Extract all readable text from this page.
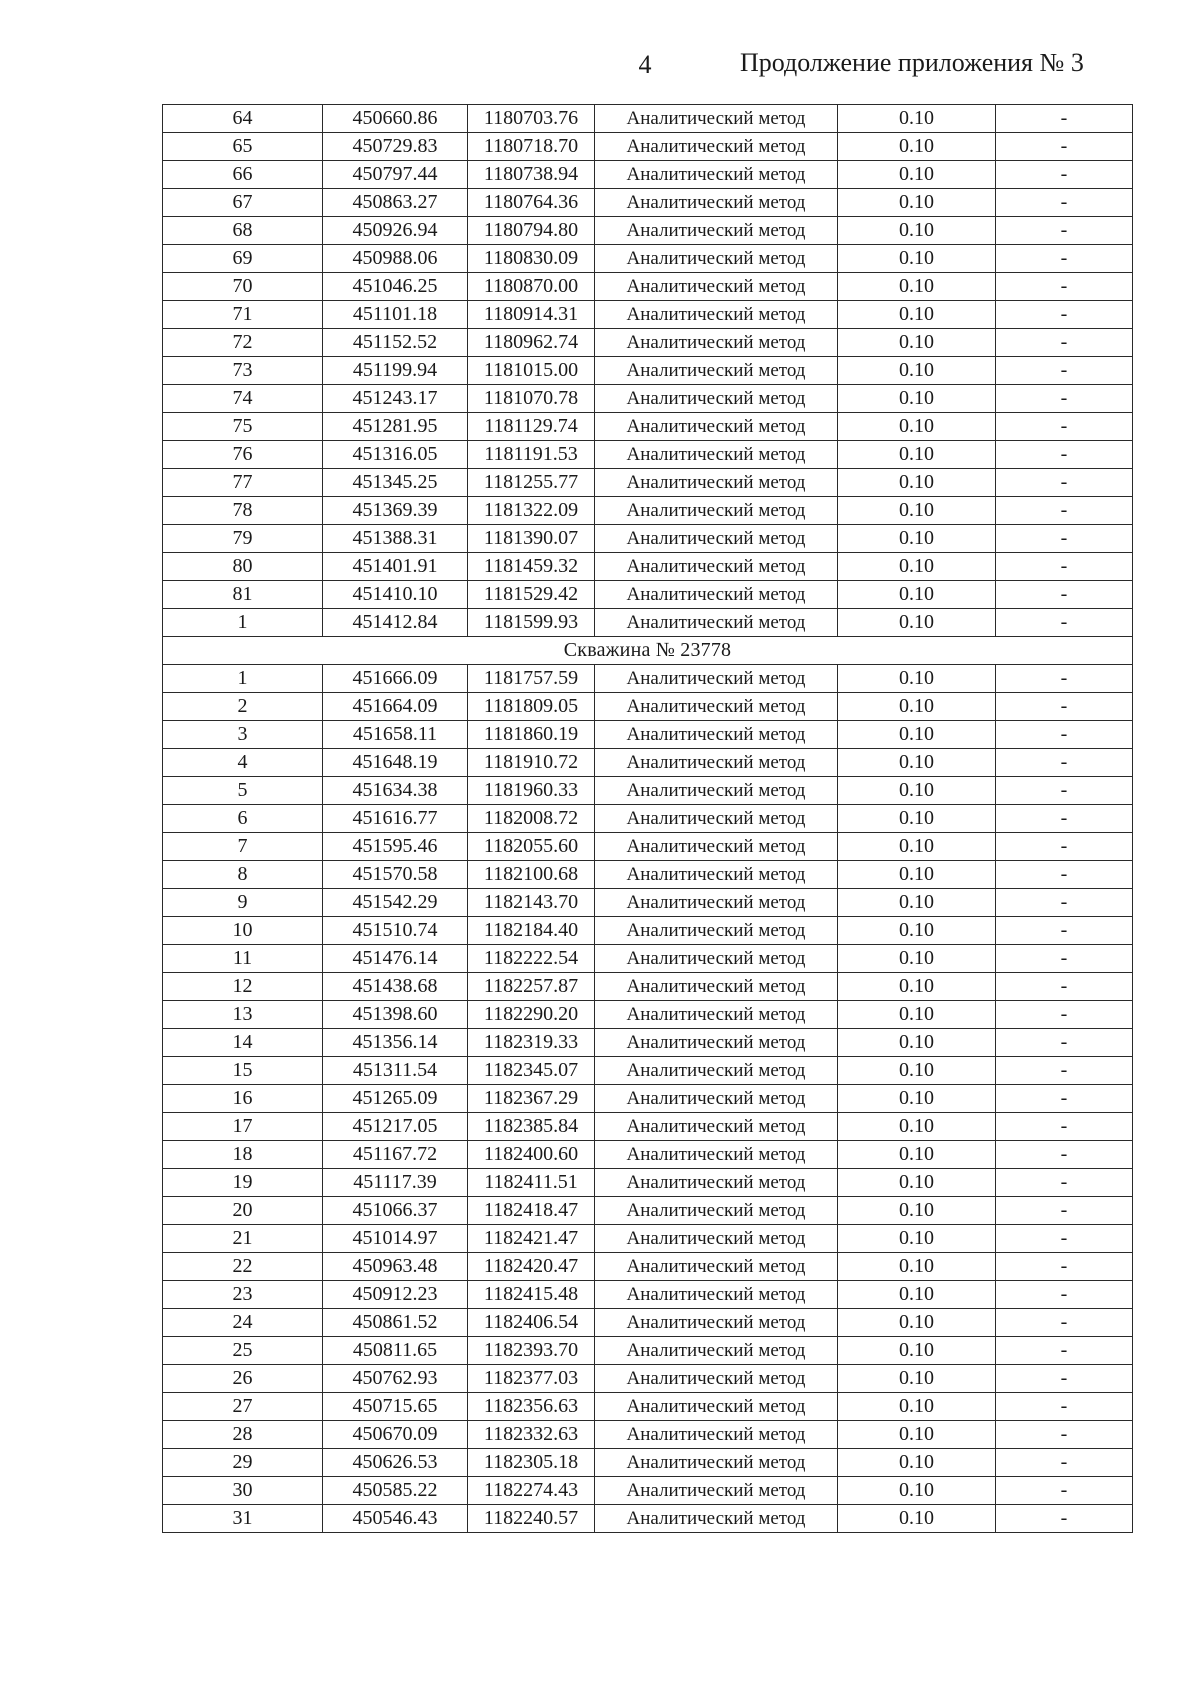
4	Продолжение приложения № 3
64	450660.86	1180703.76	Аналитический метод	0.10	-
65	450729.83	1180718.70	Аналитический метод	0.10	-
66	450797.44	1180738.94	Аналитический метод	0.10	-
67	450863.27	1180764.36	Аналитический метод	0.10	-
68	450926.94	1180794.80	Аналитический метод	0.10	-
69	450988.06	1180830.09	Аналитический метод	0.10	-
70	451046.25	1180870.00	Аналитический метод	0.10	-
71	451101.18	1180914.31	Аналитический метод	0.10	-
72	451152.52	1180962.74	Аналитический метод	0.10	-
73	451199.94	1181015.00	Аналитический метод	0.10	-
74	451243.17	1181070.78	Аналитический метод	0.10	-
75	451281.95	1181129.74	Аналитический метод	0.10	-
76	451316.05	1181191.53	Аналитический метод	0.10	-
77	451345.25	1181255.77	Аналитический метод	0.10	-
78	451369.39	1181322.09	Аналитический метод	0.10	-
79	451388.31	1181390.07	Аналитический метод	0.10	-
80	451401.91	1181459.32	Аналитический метод	0.10	-
81	451410.10	1181529.42	Аналитический метод	0.10	-
1	451412.84	1181599.93	Аналитический метод	0.10	-
Скважина № 23778					
1	451666.09	1181757.59	Аналитический метод	0.10	-
2	451664.09	1181809.05	Аналитический метод	0.10	-
3	451658.11	1181860.19	Аналитический метод	0.10	-
4	451648.19	1181910.72	Аналитический метод	0.10	-
5	451634.38	1181960.33	Аналитический метод	0.10	-
6	451616.77	1182008.72	Аналитический метод	0.10	-
7	451595.46	1182055.60	Аналитический метод	0.10	-
8	451570.58	1182100.68	Аналитический метод	0.10	-
9	451542.29	1182143.70	Аналитический метод	0.10	-
10	451510.74	1182184.40	Аналитический метод	0.10	-
11	451476.14	1182222.54	Аналитический метод	0.10	-
12	451438.68	1182257.87	Аналитический метод	0.10	-
13	451398.60	1182290.20	Аналитический метод	0.10	-
14	451356.14	1182319.33	Аналитический метод	0.10	-
15	451311.54	1182345.07	Аналитический метод	0.10	-
16	451265.09	1182367.29	Аналитический метод	0.10	-
17	451217.05	1182385.84	Аналитический метод	0.10	-
18	451167.72	1182400.60	Аналитический метод	0.10	-
19	451117.39	1182411.51	Аналитический метод	0.10	-
20	451066.37	1182418.47	Аналитический метод	0.10	-
21	451014.97	1182421.47	Аналитический метод	0.10	-
22	450963.48	1182420.47	Аналитический метод	0.10	-
23	450912.23	1182415.48	Аналитический метод	0.10	-
24	450861.52	1182406.54	Аналитический метод	0.10	-
25	450811.65	1182393.70	Аналитический метод	0.10	-
26	450762.93	1182377.03	Аналитический метод	0.10	-
27	450715.65	1182356.63	Аналитический метод	0.10	-
28	450670.09	1182332.63	Аналитический метод	0.10	-
29	450626.53	1182305.18	Аналитический метод	0.10	-
30	450585.22	1182274.43	Аналитический метод	0.10	-
31	450546.43	1182240.57	Аналитический метод	0.10	-
